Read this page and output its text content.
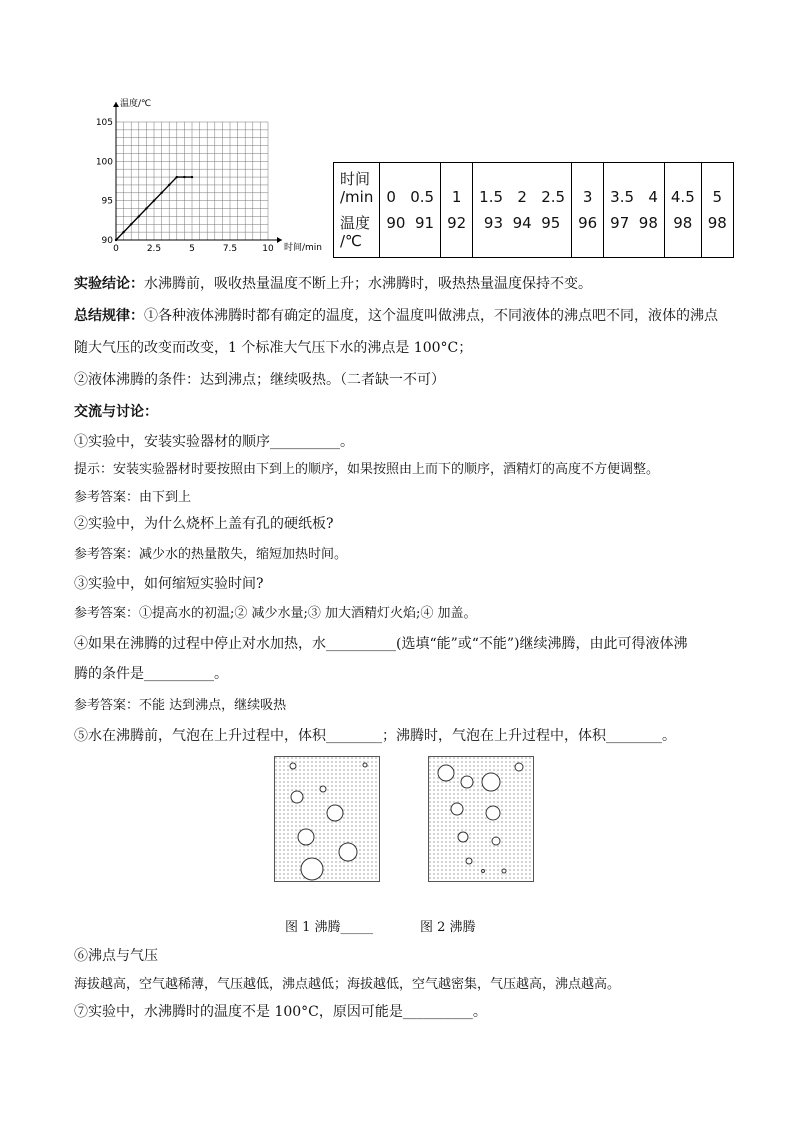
0	2.5	5	7.5	10
90
95
100
105
温度/℃
时间/min
时间
/min	0 0.5	1	1.5 2 2.5	3	3.5 4	4.5	5
温度
/℃	90 91	92	93 94 95	96	97 98	98	98
实验结论：水沸腾前，吸收热量温度不断上升；水沸腾时，吸热热量温度保持不变。
总结规律：①各种液体沸腾时都有确定的温度，这个温度叫做沸点，不同液体的沸点吧不同，液体的沸点
随大气压的改变而改变，1 个标准大气压下水的沸点是 100°C；
②液体沸腾的条件：达到沸点；继续吸热。（二者缺一不可）
交流与讨论：
①实验中，安装实验器材的顺序__________。
提示：安装实验器材时要按照由下到上的顺序，如果按照由上而下的顺序，酒精灯的高度不方便调整。
参考答案：由下到上
②实验中，为什么烧杯上盖有孔的硬纸板?
参考答案：减少水的热量散失，缩短加热时间。
③实验中，如何缩短实验时间?
参考答案：①提高水的初温;② 减少水量;③ 加大酒精灯火焰;④ 加盖。
④如果在沸腾的过程中停止对水加热，水__________(选填“能”或“不能”)继续沸腾，由此可得液体沸
腾的条件是__________。
参考答案：不能 达到沸点，继续吸热
⑤水在沸腾前，气泡在上升过程中，体积________；沸腾时，气泡在上升过程中，体积________。
图 1 沸腾_____	图 2 沸腾
⑥沸点与气压
海拔越高，空气越稀薄，气压越低，沸点越低；海拔越低，空气越密集，气压越高，沸点越高。
⑦实验中，水沸腾时的温度不是 100°C，原因可能是__________。
